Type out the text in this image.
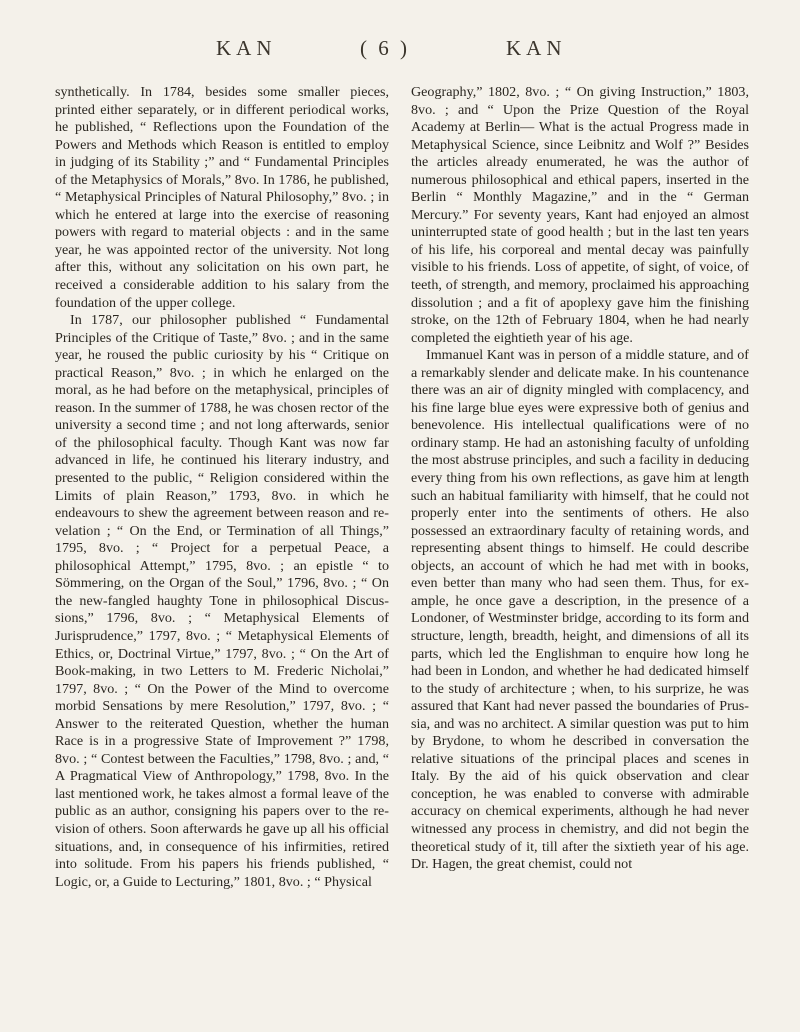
KAN	( 6 )	KAN

synthetically. In 1784, besides some smaller pieces, printed either separately, or in different periodical works, he published, “ Reflections upon the Foundation of the Powers and Methods which Reason is entitled to employ in judging of its Stability ;” and “ Fundamental Principles of the Metaphysics of Morals,” 8vo. In 1786, he published, “ Metaphysical Principles of Natural Philosophy,” 8vo. ; in which he entered at large into the exercise of reasoning powers with regard to material objects : and in the same year, he was appointed rector of the university. Not long after this, without any solicitation on his own part, he received a considerable addition to his salary from the foundation of the upper college.

In 1787, our philosopher published “ Fundamental Principles of the Critique of Taste,” 8vo. ; and in the same year, he roused the public curiosity by his “ Critique on practical Reason,” 8vo. ; in which he enlarged on the moral, as he had before on the metaphysical, principles of reason. In the summer of 1788, he was chosen rector of the university a second time ; and not long afterwards, senior of the philosophical faculty. Though Kant was now far advanced in life, he continued his literary industry, and presented to the public, “ Religion considered within the Limits of plain Reason,” 1793, 8vo. in which he endeavours to shew the agreement between reason and revelation ; “ On the End, or Termination of all Things,” 1795, 8vo. ; “ Project for a perpetual Peace, a philosophical Attempt,” 1795, 8vo. ; an epistle “ to Sömmering, on the Organ of the Soul,” 1796, 8vo. ; “ On the new-fangled haughty Tone in philosophical Discussions,” 1796, 8vo. ; “ Metaphysical Elements of Jurisprudence,” 1797, 8vo. ; “ Metaphysical Elements of Ethics, or, Doctrinal Virtue,” 1797, 8vo. ; “ On the Art of Book-making, in two Letters to M. Frederic Nicholai,” 1797, 8vo. ; “ On the Power of the Mind to overcome morbid Sensations by mere Resolution,” 1797, 8vo. ; “ Answer to the reiterated Question, whether the human Race is in a progressive State of Improvement ?” 1798, 8vo. ; “ Contest between the Faculties,” 1798, 8vo. ; and, “ A Pragmatical View of Anthropology,” 1798, 8vo. In the last mentioned work, he takes almost a formal leave of the public as an author, consigning his papers over to the revision of others. Soon afterwards he gave up all his official situations, and, in consequence of his infirmities, retired into solitude. From his papers his friends published, “ Logic, or, a Guide to Lecturing,” 1801, 8vo. ; “ Physical

Geography,” 1802, 8vo. ; “ On giving Instruction,” 1803, 8vo. ; and “ Upon the Prize Question of the Royal Academy at Berlin— What is the actual Progress made in Metaphysical Science, since Leibnitz and Wolf ?” Besides the articles already enumerated, he was the author of numerous philosophical and ethical papers, inserted in the Berlin “ Monthly Magazine,” and in the “ German Mercury.” For seventy years, Kant had enjoyed an almost uninterrupted state of good health ; but in the last ten years of his life, his corporeal and mental decay was painfully visible to his friends. Loss of appetite, of sight, of voice, of teeth, of strength, and memory, proclaimed his approaching dissolution ; and a fit of apoplexy gave him the finishing stroke, on the 12th of February 1804, when he had nearly completed the eightieth year of his age.

Immanuel Kant was in person of a middle stature, and of a remarkably slender and delicate make. In his countenance there was an air of dignity mingled with complacency, and his fine large blue eyes were expressive both of genius and benevolence. His intellectual qualifications were of no ordinary stamp. He had an astonishing faculty of unfolding the most abstruse principles, and such a facility in deducing every thing from his own reflections, as gave him at length such an habitual familiarity with himself, that he could not properly enter into the sentiments of others. He also possessed an extraordinary faculty of retaining words, and representing absent things to himself. He could describe objects, an account of which he had met with in books, even better than many who had seen them. Thus, for example, he once gave a description, in the presence of a Londoner, of Westminster bridge, according to its form and structure, length, breadth, height, and dimensions of all its parts, which led the Englishman to enquire how long he had been in London, and whether he had dedicated himself to the study of architecture ; when, to his surprize, he was assured that Kant had never passed the boundaries of Prussia, and was no architect. A similar question was put to him by Brydone, to whom he described in conversation the relative situations of the principal places and scenes in Italy. By the aid of his quick observation and clear conception, he was enabled to converse with admirable accuracy on chemical experiments, although he had never witnessed any process in chemistry, and did not begin the theoretical study of it, till after the sixtieth year of his age. Dr. Hagen, the great chemist, could not
